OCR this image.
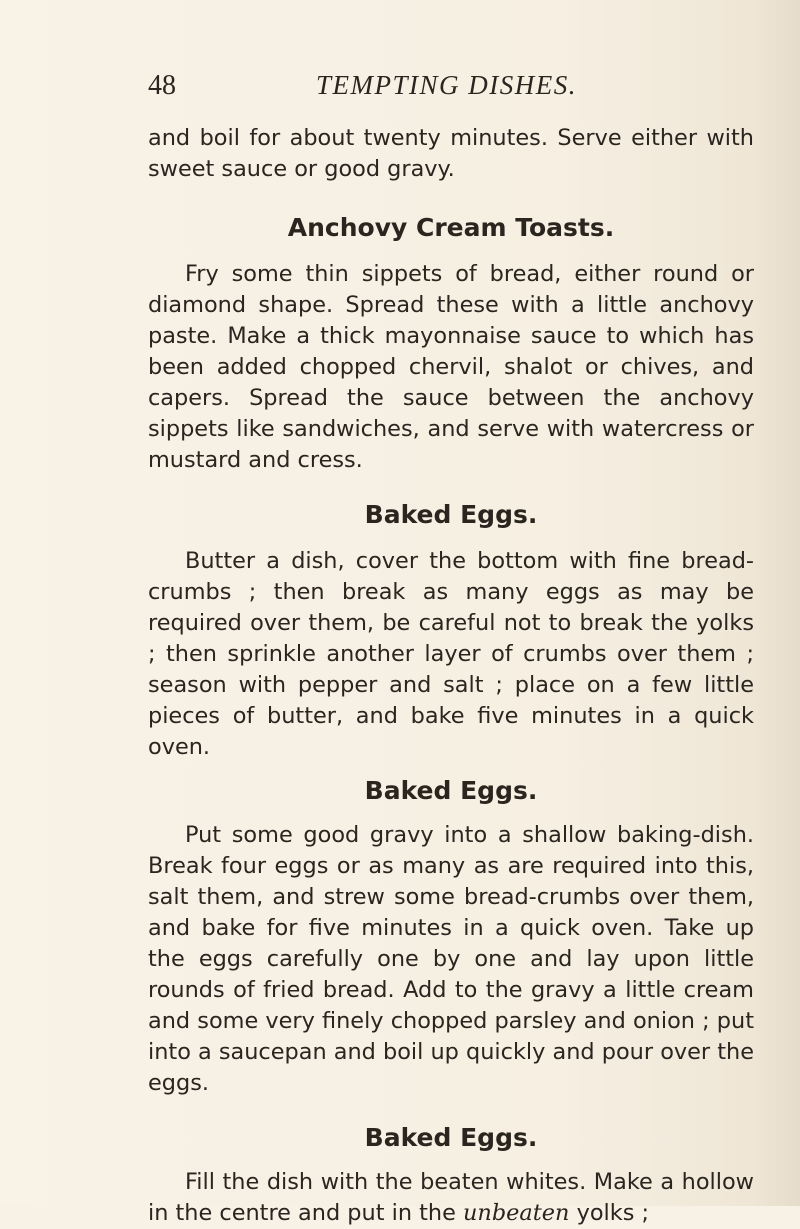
48	TEMPTING DISHES.

and boil for about twenty minutes. Serve either with sweet sauce or good gravy.

Anchovy Cream Toasts.

Fry some thin sippets of bread, either round or diamond shape. Spread these with a little anchovy paste. Make a thick mayonnaise sauce to which has been added chopped chervil, shalot or chives, and capers. Spread the sauce between the anchovy sippets like sandwiches, and serve with watercress or mustard and cress.

Baked Eggs.

Butter a dish, cover the bottom with fine bread-crumbs ; then break as many eggs as may be required over them, be careful not to break the yolks ; then sprinkle another layer of crumbs over them ; season with pepper and salt ; place on a few little pieces of butter, and bake five minutes in a quick oven.

Baked Eggs.

Put some good gravy into a shallow baking-dish. Break four eggs or as many as are required into this, salt them, and strew some bread-crumbs over them, and bake for five minutes in a quick oven. Take up the eggs carefully one by one and lay upon little rounds of fried bread. Add to the gravy a little cream and some very finely chopped parsley and onion ; put into a saucepan and boil up quickly and pour over the eggs.

Baked Eggs.

Fill the dish with the beaten whites. Make a hollow in the centre and put in the unbeaten yolks ;
